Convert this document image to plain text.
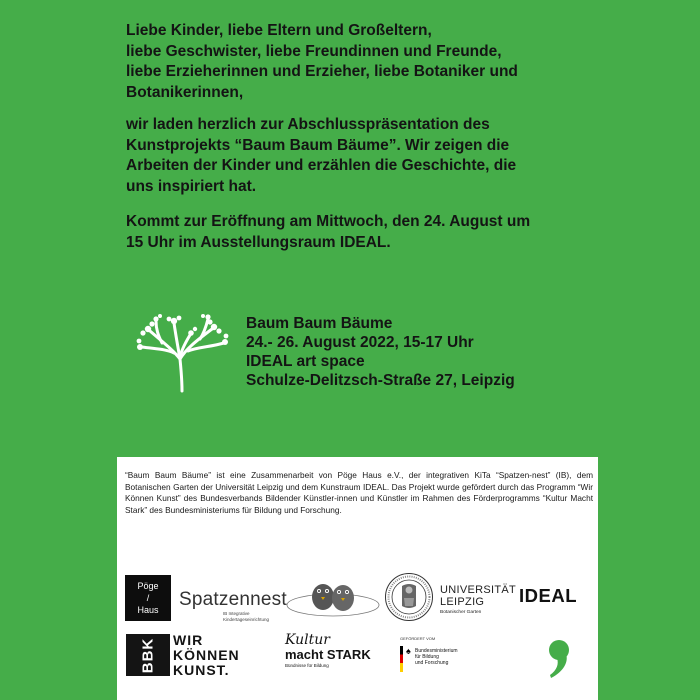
Liebe Kinder, liebe Eltern und Großeltern,
liebe Geschwister, liebe Freundinnen und Freunde,
liebe Erzieherinnen und Erzieher, liebe Botaniker und
Botanikerinnen,

wir laden herzlich zur Abschlusspräsentation des
Kunstprojekts “Baum Baum Bäume”. Wir zeigen die
Arbeiten der Kinder und erzählen die Geschichte, die
uns inspiriert hat.

Kommt zur Eröffnung am Mittwoch, den 24. August um
15 Uhr im Ausstellungsraum IDEAL.

Baum Baum Bäume
24.- 26. August 2022, 15-17 Uhr
IDEAL art space
Schulze-Delitzsch-Straße 27, Leipzig

“Baum Baum Bäume” ist eine Zusammenarbeit von Pöge Haus e.V., der integrativen KiTa “Spatzen-nest” (IB), dem Botanischen Garten der Universität Leipzig und dem Kunstraum IDEAL. Das Projekt wurde gefördert durch das Programm “Wir Können Kunst” des Bundesverbands Bildender Künstler-innen und Künstler im Rahmen des Förderprogramms “Kultur Macht Stark” des Bundesministeriums für Bildung und Forschung.

Pöge
/
Haus	Spatzennest
IB Integrative Kindertageseinrichtung
UNIVERSITÄT
LEIPZIG
Botanischer Garten
IDEAL
BBK WIR
KÖNNEN
KUNST.
Kultur
macht STARK
Bündnisse für Bildung
GEFÖRDERT VOM
♠ Bundesministerium
für Bildung
und Forschung
